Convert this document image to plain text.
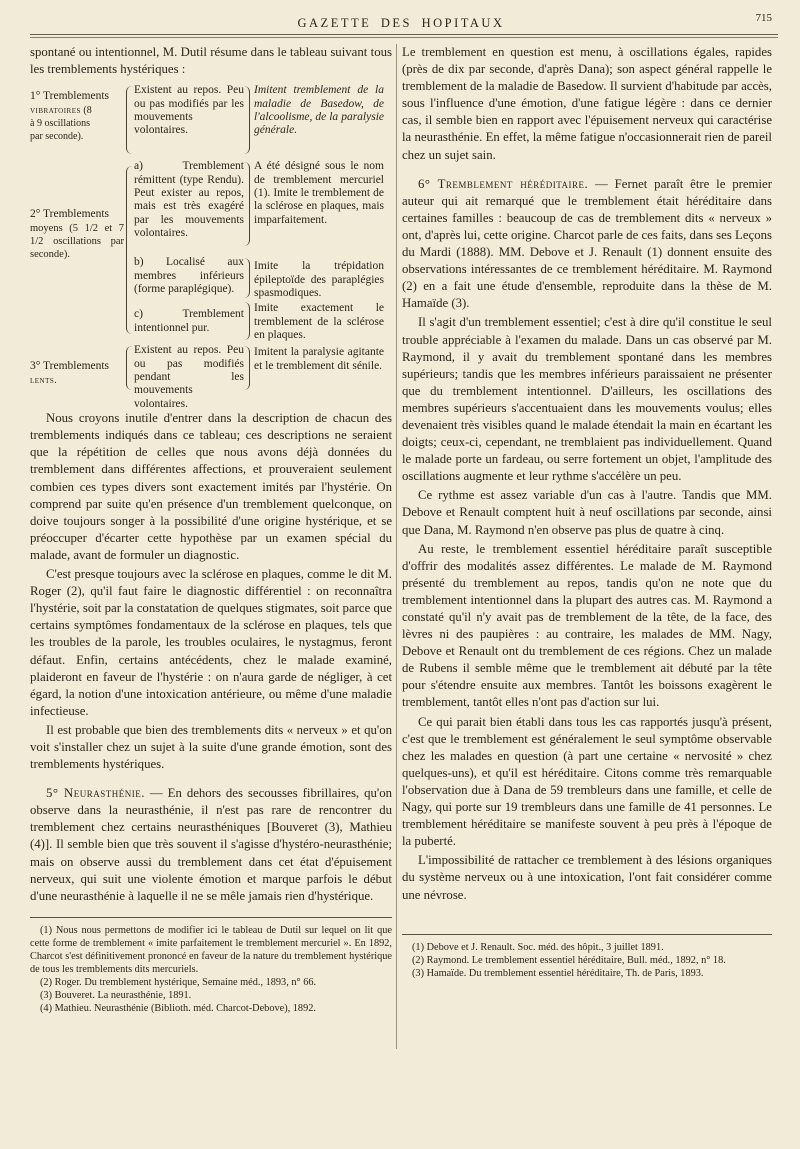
GAZETTE DES HOPITAUX	715

spontané ou intentionnel, M. Dutil résume dans le tableau suivant tous les tremblements hystériques :

1° Tremblements
vibratoires (8
à 9 oscillations
par seconde).
Existent au repos. Peu ou pas modifiés par les mouvements volontaires.
Imitent tremblement de la maladie de Basedow, de l'alcoolisme, de la paralysie générale.
2° Tremblements
moyens (5 1/2 et 7 1/2 oscillations par seconde).
a) Tremblement rémittent (type Rendu). Peut exister au repos, mais est très exagéré par les mouvements volontaires.
A été désigné sous le nom de tremblement mercuriel (1). Imite le tremblement de la sclérose en plaques, mais imparfaitement.
b) Localisé aux membres inférieurs (forme paraplégique).
Imite la trépidation épileptoïde des paraplégies spasmodiques.
c) Tremblement intentionnel pur.
Imite exactement le tremblement de la sclérose en plaques.
3° Tremblements
lents.
Existent au repos. Peu ou pas modifiés pendant les mouvements volontaires.
Imitent la paralysie agitante et le tremblement dit sénile.

Nous croyons inutile d'entrer dans la description de chacun des tremblements indiqués dans ce tableau; ces descriptions ne seraient que la répétition de celles que nous avons déjà données du tremblement dans différentes affections, et prouveraient seulement combien ces types divers sont exactement imités par l'hystérie. On comprend par suite qu'en présence d'un tremblement quelconque, on doive toujours songer à la possibilité d'une origine hystérique, et se préoccuper d'écarter cette hypothèse par un examen spécial du malade, avant de formuler un diagnostic.

C'est presque toujours avec la sclérose en plaques, comme le dit M. Roger (2), qu'il faut faire le diagnostic différentiel : on reconnaîtra l'hystérie, soit par la constatation de quelques stigmates, soit parce que certains symptômes fondamentaux de la sclérose en plaques, tels que les troubles de la parole, les troubles oculaires, le nystagmus, feront défaut. Enfin, certains antécédents, chez le malade examiné, plaideront en faveur de l'hystérie : on n'aura garde de négliger, à cet égard, la notion d'une intoxication antérieure, ou même d'une maladie infectieuse.

Il est probable que bien des tremblements dits « nerveux » et qu'on voit s'installer chez un sujet à la suite d'une grande émotion, sont des tremblements hystériques.

5° Neurasthénie. — En dehors des secousses fibrillaires, qu'on observe dans la neurasthénie, il n'est pas rare de rencontrer du tremblement chez certains neurasthéniques [Bouveret (3), Mathieu (4)]. Il semble bien que très souvent il s'agisse d'hystéro-neurasthénie; mais on observe aussi du tremblement dans cet état d'épuisement nerveux, qui suit une violente émotion et marque parfois le début d'une neurasthénie à laquelle il ne se mêle jamais rien d'hystérique.

(1) Nous nous permettons de modifier ici le tableau de Dutil sur lequel on lit que cette forme de tremblement « imite parfaitement le tremblement mercuriel ». En 1892, Charcot s'est définitivement prononcé en faveur de la nature du tremblement hystérique de tous les tremblements dits mercuriels.
(2) Roger. Du tremblement hystérique, Semaine méd., 1893, n° 66.
(3) Bouveret. La neurasthénie, 1891.
(4) Mathieu. Neurasthénie (Biblioth. méd. Charcot-Debove), 1892.

Le tremblement en question est menu, à oscillations égales, rapides (près de dix par seconde, d'après Dana); son aspect général rappelle le tremblement de la maladie de Basedow. Il survient d'habitude par accès, sous l'influence d'une émotion, d'une fatigue légère : dans ce dernier cas, il semble bien en rapport avec l'épuisement nerveux qui caractérise la neurasthénie. En effet, la même fatigue n'occasionnerait rien de pareil chez un sujet sain.

6° Tremblement héréditaire. — Fernet paraît être le premier auteur qui ait remarqué que le tremblement était héréditaire dans certaines familles : beaucoup de cas de tremblement dits « nerveux » ont, d'après lui, cette origine. Charcot parle de ces faits, dans ses Leçons du Mardi (1888). MM. Debove et J. Renault (1) donnent ensuite des observations intéressantes de ce tremblement héréditaire. M. Raymond (2) en a fait une étude d'ensemble, reproduite dans la thèse de M. Hamaïde (3).

Il s'agit d'un tremblement essentiel; c'est à dire qu'il constitue le seul trouble appréciable à l'examen du malade. Dans un cas observé par M. Raymond, il y avait du tremblement spontané dans les membres supérieurs; tandis que les membres inférieurs paraissaient ne présenter que du tremblement intentionnel. D'ailleurs, les oscillations des membres supérieurs s'accentuaient dans les mouvements voulus; elles devenaient très visibles quand le malade étendait la main en écartant les doigts; ceux-ci, cependant, ne tremblaient pas individuellement. Quand le malade porte un fardeau, ou serre fortement un objet, l'amplitude des oscillations augmente et leur rythme s'accélère un peu.

Ce rythme est assez variable d'un cas à l'autre. Tandis que MM. Debove et Renault comptent huit à neuf oscillations par seconde, ainsi que Dana, M. Raymond n'en observe pas plus de quatre à cinq.

Au reste, le tremblement essentiel héréditaire paraît susceptible d'offrir des modalités assez différentes. Le malade de M. Raymond présenté du tremblement au repos, tandis qu'on ne note que du tremblement intentionnel dans la plupart des autres cas. M. Raymond a constaté qu'il n'y avait pas de tremblement de la tête, de la face, des lèvres ni des paupières : au contraire, les malades de MM. Nagy, Debove et Renault ont du tremblement de ces régions. Chez un malade de Rubens il semble même que le tremblement ait débuté par la tête pour s'étendre ensuite aux membres. Tantôt les boissons exagèrent le tremblement, tantôt elles n'ont pas d'action sur lui.

Ce qui parait bien établi dans tous les cas rapportés jusqu'à présent, c'est que le tremblement est généralement le seul symptôme observable chez les malades en question (à part une certaine « nervosité » chez quelques-uns), et qu'il est héréditaire. Citons comme très remarquable l'observation due à Dana de 59 trembleurs dans une famille, et celle de Nagy, qui porte sur 19 trembleurs dans une famille de 41 personnes. Le tremblement héréditaire se manifeste souvent à peu près à l'époque de la puberté.

L'impossibilité de rattacher ce tremblement à des lésions organiques du système nerveux ou à une intoxication, l'ont fait considérer comme une névrose.

(1) Debove et J. Renault. Soc. méd. des hôpit., 3 juillet 1891.
(2) Raymond. Le tremblement essentiel héréditaire, Bull. méd., 1892, n° 18.
(3) Hamaïde. Du tremblement essentiel héréditaire, Th. de Paris, 1893.
